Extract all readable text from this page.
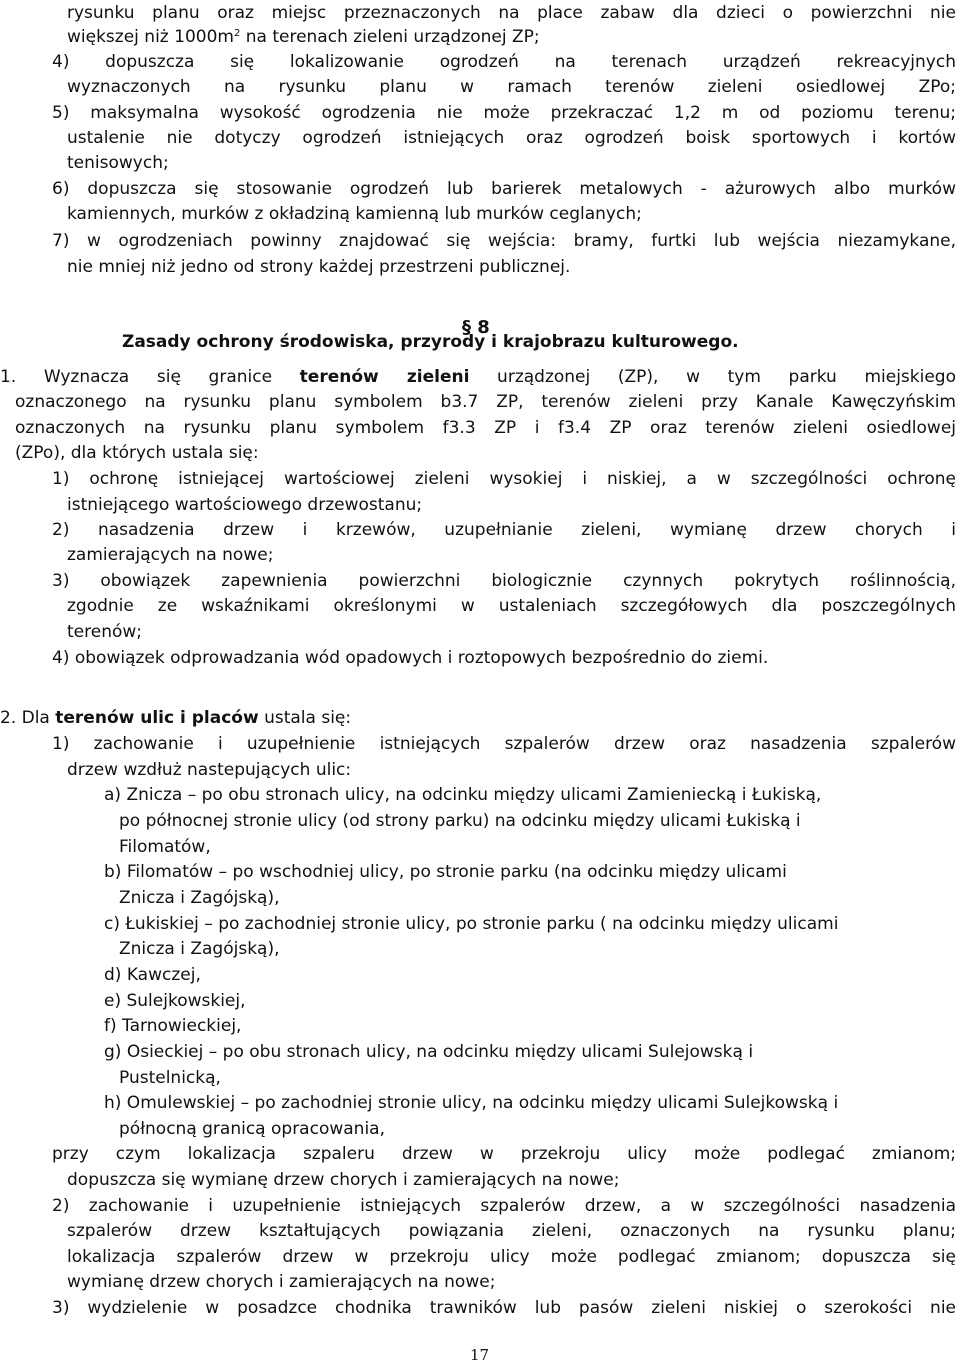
rysunku planu oraz miejsc przeznaczonych na place zabaw dla dzieci o powierzchni nie
większej niż $1000m^2$ na terenach zieleni urządzonej ZP;
4) dopuszcza się lokalizowanie ogrodzeń na terenach urządzeń rekreacyjnych
wyznaczonych na rysunku planu w ramach terenów zieleni osiedlowej ZPo;
5) maksymalna wysokość ogrodzenia nie może przekraczać 1,2 m od poziomu terenu;
ustalenie nie dotyczy ogrodzeń istniejących oraz ogrodzeń boisk sportowych i kortów
tenisowych;
6) dopuszcza się stosowanie ogrodzeń lub barierek metalowych - ażurowych albo murków
kamiennych, murków z okładziną kamienną lub murków ceglanych;
7) w ogrodzeniach powinny znajdować się wejścia: bramy, furtki lub wejścia niezamykane,
nie mniej niż jedno od strony każdej przestrzeni publicznej.
§ 8
Zasady ochrony środowiska, przyrody i krajobrazu kulturowego.
1. Wyznacza się granice terenów zieleni urządzonej (ZP), w tym parku miejskiego
oznaczonego na rysunku planu symbolem b3.7 ZP, terenów zieleni przy Kanale Kawęczyńskim
oznaczonych na rysunku planu symbolem f3.3 ZP i f3.4 ZP oraz terenów zieleni osiedlowej
(ZPo), dla których ustala się:
1) ochronę istniejącej wartościowej zieleni wysokiej i niskiej, a w szczególności ochronę
istniejącego wartościowego drzewostanu;
2) nasadzenia drzew i krzewów, uzupełnianie zieleni, wymianę drzew chorych i
zamierających na nowe;
3) obowiązek zapewnienia powierzchni biologicznie czynnych pokrytych roślinnością,
zgodnie ze wskaźnikami określonymi w ustaleniach szczegółowych dla poszczególnych
terenów;
4) obowiązek odprowadzania wód opadowych i roztopowych bezpośrednio do ziemi.
2. Dla terenów ulic i placów ustala się:
1) zachowanie i uzupełnienie istniejących szpalerów drzew oraz nasadzenia szpalerów
drzew wzdłuż nastepujących ulic:
a) Znicza – po obu stronach ulicy, na odcinku między ulicami Zamieniecką i Łukiską,
po północnej stronie ulicy (od strony parku) na odcinku między ulicami Łukiską i
Filomatów,
b) Filomatów – po wschodniej ulicy, po stronie parku (na odcinku między ulicami
Znicza i Zagójską),
c) Łukiskiej – po zachodniej stronie ulicy, po stronie parku ( na odcinku między ulicami
Znicza i Zagójską),
d) Kawczej,
e) Sulejkowskiej,
f) Tarnowieckiej,
g) Osieckiej – po obu stronach ulicy, na odcinku między ulicami Sulejowską i
Pustelnicką,
h) Omulewskiej – po zachodniej stronie ulicy, na odcinku między ulicami Sulejkowską i
północną granicą opracowania,
przy czym lokalizacja szpaleru drzew w przekroju ulicy może podlegać zmianom;
dopuszcza się wymianę drzew chorych i zamierających na nowe;
2) zachowanie i uzupełnienie istniejących szpalerów drzew, a w szczególności nasadzenia
szpalerów drzew kształtujących powiązania zieleni, oznaczonych na rysunku planu;
lokalizacja szpalerów drzew w przekroju ulicy może podlegać zmianom; dopuszcza się
wymianę drzew chorych i zamierających na nowe;
3) wydzielenie w posadzce chodnika trawników lub pasów zieleni niskiej o szerokości nie
17
